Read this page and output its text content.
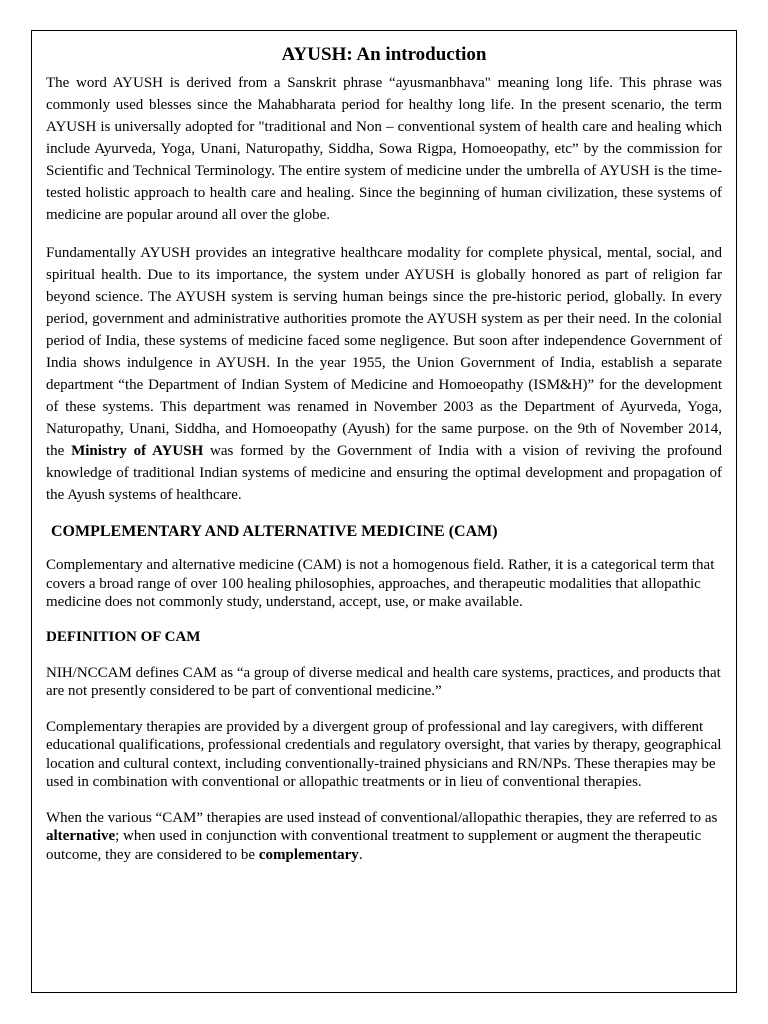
AYUSH: An introduction

The word AYUSH is derived from a Sanskrit phrase “ayusmanbhava" meaning long life. This phrase was commonly used blesses since the Mahabharata period for healthy long life. In the present scenario, the term AYUSH is universally adopted for "traditional and Non – conventional system of health care and healing which include Ayurveda, Yoga, Unani, Naturopathy, Siddha, Sowa Rigpa, Homoeopathy, etc” by the commission for Scientific and Technical Terminology. The entire system of medicine under the umbrella of AYUSH is the time-tested holistic approach to health care and healing. Since the beginning of human civilization, these systems of medicine are popular around all over the globe.

Fundamentally AYUSH provides an integrative healthcare modality for complete physical, mental, social, and spiritual health. Due to its importance, the system under AYUSH is globally honored as part of religion far beyond science. The AYUSH system is serving human beings since the pre-historic period, globally. In every period, government and administrative authorities promote the AYUSH system as per their need. In the colonial period of India, these systems of medicine faced some negligence. But soon after independence Government of India shows indulgence in AYUSH. In the year 1955, the Union Government of India, establish a separate department “the Department of Indian System of Medicine and Homoeopathy (ISM&H)” for the development of these systems. This department was renamed in November 2003 as the Department of Ayurveda, Yoga, Naturopathy, Unani, Siddha, and Homoeopathy (Ayush) for the same purpose. on the 9th of November 2014, the Ministry of AYUSH was formed by the Government of India with a vision of reviving the profound knowledge of traditional Indian systems of medicine and ensuring the optimal development and propagation of the Ayush systems of healthcare.

COMPLEMENTARY AND ALTERNATIVE MEDICINE (CAM)

Complementary and alternative medicine (CAM) is not a homogenous field. Rather, it is a categorical term that covers a broad range of over 100 healing philosophies, approaches, and therapeutic modalities that allopathic medicine does not commonly study, understand, accept, use, or make available.

DEFINITION OF CAM

NIH/NCCAM defines CAM as “a group of diverse medical and health care systems, practices, and products that are not presently considered to be part of conventional medicine.”

Complementary therapies are provided by a divergent group of professional and lay caregivers, with different educational qualifications, professional credentials and regulatory oversight, that varies by therapy, geographical location and cultural context, including conventionally-trained physicians and RN/NPs. These therapies may be used in combination with conventional or allopathic treatments or in lieu of conventional therapies.

When the various “CAM” therapies are used instead of conventional/allopathic therapies, they are referred to as alternative; when used in conjunction with conventional treatment to supplement or augment the therapeutic outcome, they are considered to be complementary.
